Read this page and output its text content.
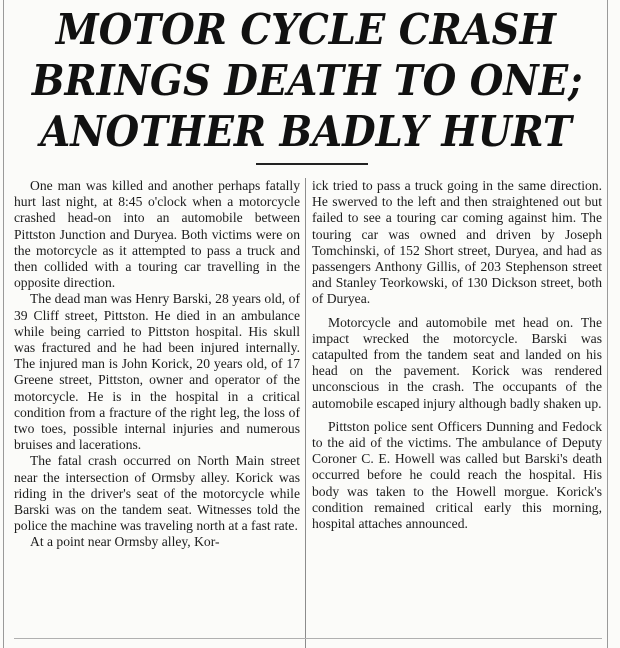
MOTOR CYCLE CRASH
BRINGS DEATH TO ONE;
ANOTHER BADLY HURT

One man was killed and another perhaps fatally hurt last night, at 8:45 o'clock when a motorcycle crashed head-on into an automobile between Pittston Junction and Duryea. Both victims were on the motorcycle as it attempted to pass a truck and then collided with a touring car travelling in the opposite direction.

The dead man was Henry Barski, 28 years old, of 39 Cliff street, Pittston. He died in an ambulance while being carried to Pittston hospital. His skull was fractured and he had been injured internally. The injured man is John Korick, 20 years old, of 17 Greene street, Pittston, owner and operator of the motorcycle. He is in the hospital in a critical condition from a fracture of the right leg, the loss of two toes, possible internal injuries and numerous bruises and lacerations.

The fatal crash occurred on North Main street near the intersection of Ormsby alley. Korick was riding in the driver's seat of the motorcycle while Barski was on the tandem seat. Witnesses told the police the machine was traveling north at a fast rate.

At a point near Ormsby alley, Kor-

ick tried to pass a truck going in the same direction. He swerved to the left and then straightened out but failed to see a touring car coming against him. The touring car was owned and driven by Joseph Tomchinski, of 152 Short street, Duryea, and had as passengers Anthony Gillis, of 203 Stephenson street and Stanley Teorkowski, of 130 Dickson street, both of Duryea.

Motorcycle and automobile met head on. The impact wrecked the motorcycle. Barski was catapulted from the tandem seat and landed on his head on the pavement. Korick was rendered unconscious in the crash. The occupants of the automobile escaped injury although badly shaken up.

Pittston police sent Officers Dunning and Fedock to the aid of the victims. The ambulance of Deputy Coroner C. E. Howell was called but Barski's death occurred before he could reach the hospital. His body was taken to the Howell morgue. Korick's condition remained critical early this morning, hospital attaches announced.
